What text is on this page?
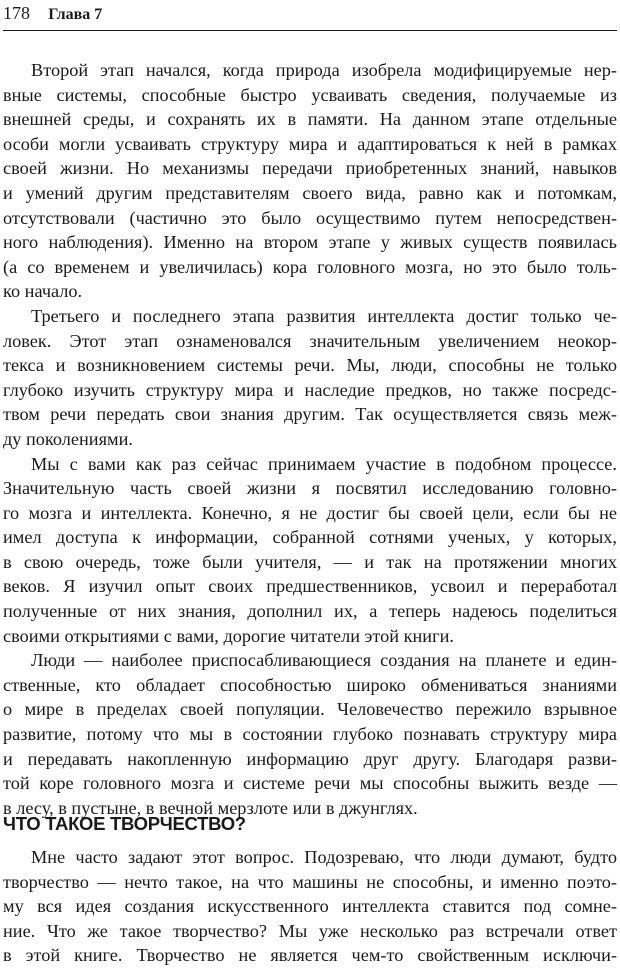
178 Глава 7
Второй этап начался, когда природа изобрела модифицируемые нер-
вные системы, способные быстро усваивать сведения, получаемые из
внешней среды, и сохранять их в памяти. На данном этапе отдельные
особи могли усваивать структуру мира и адаптироваться к ней в рамках
своей жизни. Но механизмы передачи приобретенных знаний, навыков
и умений другим представителям своего вида, равно как и потомкам,
отсутствовали (частично это было осуществимо путем непосредствен-
ного наблюдения). Именно на втором этапе у живых существ появилась
(а со временем и увеличилась) кора головного мозга, но это было толь-
ко начало.
Третьего и последнего этапа развития интеллекта достиг только че-
ловек. Этот этап ознаменовался значительным увеличением неокор-
текса и возникновением системы речи. Мы, люди, способны не только
глубоко изучить структуру мира и наследие предков, но также посредс-
твом речи передать свои знания другим. Так осуществляется связь меж-
ду поколениями.
Мы с вами как раз сейчас принимаем участие в подобном процессе.
Значительную часть своей жизни я посвятил исследованию головно-
го мозга и интеллекта. Конечно, я не достиг бы своей цели, если бы не
имел доступа к информации, собранной сотнями ученых, у которых,
в свою очередь, тоже были учителя, — и так на протяжении многих
веков. Я изучил опыт своих предшественников, усвоил и переработал
полученные от них знания, дополнил их, а теперь надеюсь поделиться
своими открытиями с вами, дорогие читатели этой книги.
Люди — наиболее приспосабливающиеся создания на планете и един-
ственные, кто обладает способностью широко обмениваться знаниями
о мире в пределах своей популяции. Человечество пережило взрывное
развитие, потому что мы в состоянии глубоко познавать структуру мира
и передавать накопленную информацию друг другу. Благодаря разви-
той коре головного мозга и системе речи мы способны выжить везде —
в лесу, в пустыне, в вечной мерзлоте или в джунглях.
ЧТО ТАКОЕ ТВОРЧЕСТВО?
Мне часто задают этот вопрос. Подозреваю, что люди думают, будто
творчество — нечто такое, на что машины не способны, и именно поэто-
му вся идея создания искусственного интеллекта ставится под сомне-
ние. Что же такое творчество? Мы уже несколько раз встречали ответ
в этой книге. Творчество не является чем-то свойственным исключи-
